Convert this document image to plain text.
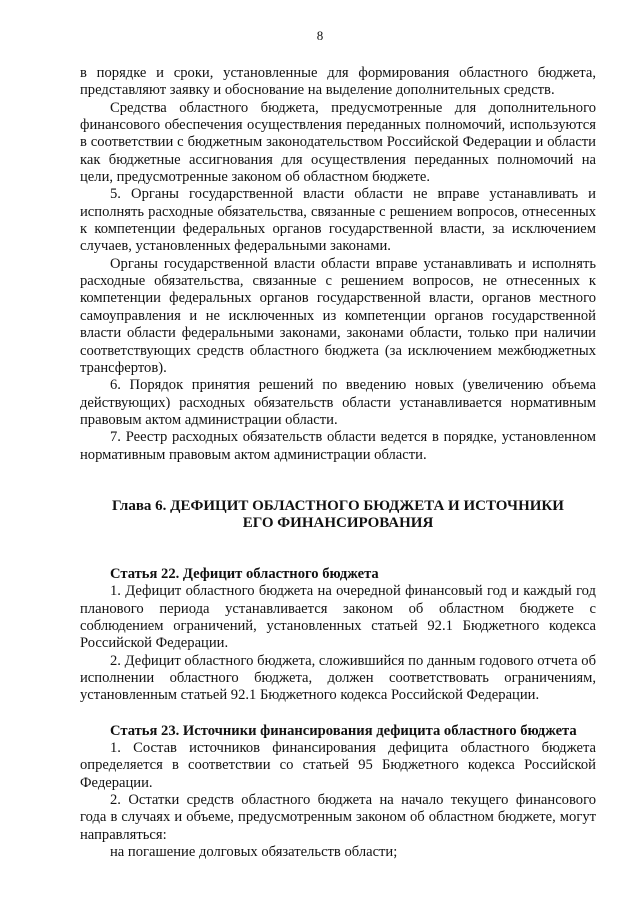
8

в порядке и сроки, установленные для формирования областного бюджета, представляют заявку и обоснование на выделение дополнительных средств.

Средства областного бюджета, предусмотренные для дополнительного финансового обеспечения осуществления переданных полномочий, используются в соответствии с бюджетным законодательством Российской Федерации и области как бюджетные ассигнования для осуществления переданных полномочий на цели, предусмотренные законом об областном бюджете.

5. Органы государственной власти области не вправе устанавливать и исполнять расходные обязательства, связанные с решением вопросов, отнесенных к компетенции федеральных органов государственной власти, за исключением случаев, установленных федеральными законами.

Органы государственной власти области вправе устанавливать и исполнять расходные обязательства, связанные с решением вопросов, не отнесенных к компетенции федеральных органов государственной власти, органов местного самоуправления и не исключенных из компетенции органов государственной власти области федеральными законами, законами области, только при наличии соответствующих средств областного бюджета (за исключением межбюджетных трансфертов).

6. Порядок принятия решений по введению новых (увеличению объема действующих) расходных обязательств области устанавливается нормативным правовым актом администрации области.

7. Реестр расходных обязательств области ведется в порядке, установленном нормативным правовым актом администрации области.

Глава 6. ДЕФИЦИТ ОБЛАСТНОГО БЮДЖЕТА И ИСТОЧНИКИ
ЕГО ФИНАНСИРОВАНИЯ

Статья 22. Дефицит областного бюджета

1. Дефицит областного бюджета на очередной финансовый год и каждый год планового периода устанавливается законом об областном бюджете с соблюдением ограничений, установленных статьей 92.1 Бюджетного кодекса Российской Федерации.

2. Дефицит областного бюджета, сложившийся по данным годового отчета об исполнении областного бюджета, должен соответствовать ограничениям, установленным статьей 92.1 Бюджетного кодекса Российской Федерации.

Статья 23. Источники финансирования дефицита областного бюджета

1. Состав источников финансирования дефицита областного бюджета определяется в соответствии со статьей 95 Бюджетного кодекса Российской Федерации.

2. Остатки средств областного бюджета на начало текущего финансового года в случаях и объеме, предусмотренным законом об областном бюджете, могут направляться:

на погашение долговых обязательств области;
